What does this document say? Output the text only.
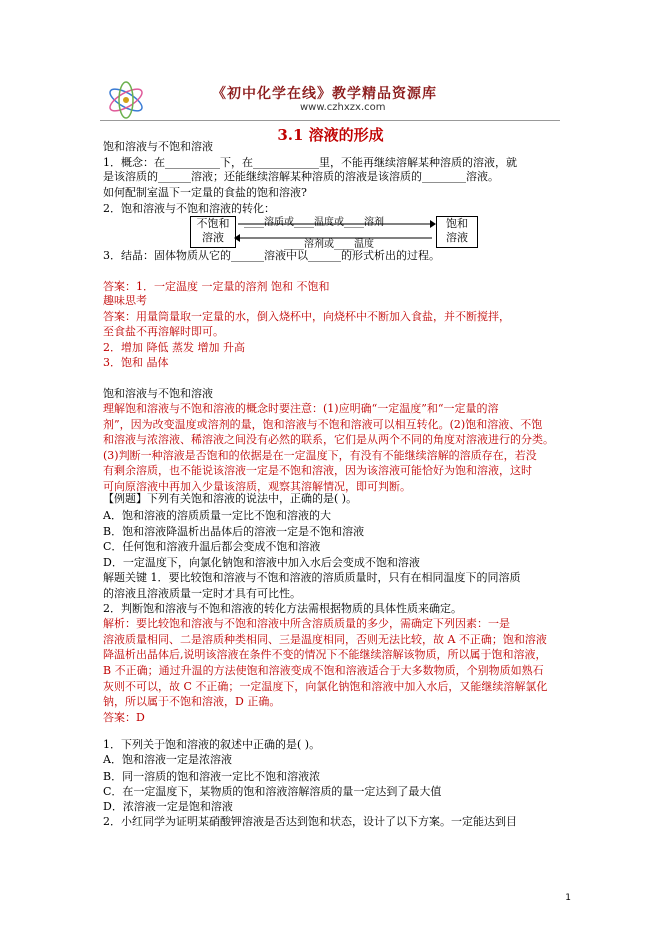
《初中化学在线》教学精品资源库
www.czhxzx.com
3.1 溶液的形成
饱和溶液与不饱和溶液
1．概念：在__________下，在____________里，不能再继续溶解某种溶质的溶液，就
是该溶质的______溶液；还能继续溶解某种溶质的溶液是该溶质的________溶液。
如何配制室温下一定量的食盐的饱和溶液?
2．饱和溶液与不饱和溶液的转化：
3．结晶：固体物质从它的______溶液中以______的形式析出的过程。
答案：1．一定温度 一定量的溶剂 饱和 不饱和
趣味思考
答案：用量筒量取一定量的水，倒入烧杯中，向烧杯中不断加入食盐，并不断搅拌，
至食盐不再溶解时即可。
2．增加 降低 蒸发 增加 升高
3．饱和 晶体
饱和溶液与不饱和溶液
理解饱和溶液与不饱和溶液的概念时要注意：(1)应明确“一定温度”和“一定量的溶
剂”，因为改变温度或溶剂的量，饱和溶液与不饱和溶液可以相互转化。(2)饱和溶液、不饱
和溶液与浓溶液、稀溶液之间没有必然的联系，它们是从两个不同的角度对溶液进行的分类。
(3)判断一种溶液是否饱和的依据是在一定温度下，有没有不能继续溶解的溶质存在，若没
有剩余溶质，也不能说该溶液一定是不饱和溶液，因为该溶液可能恰好为饱和溶液，这时
可向原溶液中再加入少量该溶质，观察其溶解情况，即可判断。
【例题】下列有关饱和溶液的说法中，正确的是( )。
A．饱和溶液的溶质质量一定比不饱和溶液的大
B．饱和溶液降温析出晶体后的溶液一定是不饱和溶液
C．任何饱和溶液升温后都会变成不饱和溶液
D．一定温度下，向氯化钠饱和溶液中加入水后会变成不饱和溶液
解题关键 1．要比较饱和溶液与不饱和溶液的溶质质量时，只有在相同温度下的同溶质
的溶液且溶液质量一定时才具有可比性。
2．判断饱和溶液与不饱和溶液的转化方法需根据物质的具体性质来确定。
解析：要比较饱和溶液与不饱和溶液中所含溶质质量的多少，需确定下列因素：一是
溶液质量相同、二是溶质种类相同、三是温度相同，否则无法比较，故 A 不正确；饱和溶液
降温析出晶体后,说明该溶液在条件不变的情况下不能继续溶解该物质，所以属于饱和溶液，
B 不正确；通过升温的方法使饱和溶液变成不饱和溶液适合于大多数物质，个别物质如熟石
灰则不可以，故 C 不正确；一定温度下，向氯化钠饱和溶液中加入水后，又能继续溶解氯化
钠，所以属于不饱和溶液，D 正确。
答案：D
1．下列关于饱和溶液的叙述中正确的是( )。
A．饱和溶液一定是浓溶液
B．同一溶质的饱和溶液一定比不饱和溶液浓
C．在一定温度下，某物质的饱和溶液溶解溶质的量一定达到了最大值
D．浓溶液一定是饱和溶液
2．小红同学为证明某硝酸钾溶液是否达到饱和状态，设计了以下方案。一定能达到目
不饱和
溶液
饱和
溶液
____溶质或____温度或____溶剂
____溶剂或____温度
1
